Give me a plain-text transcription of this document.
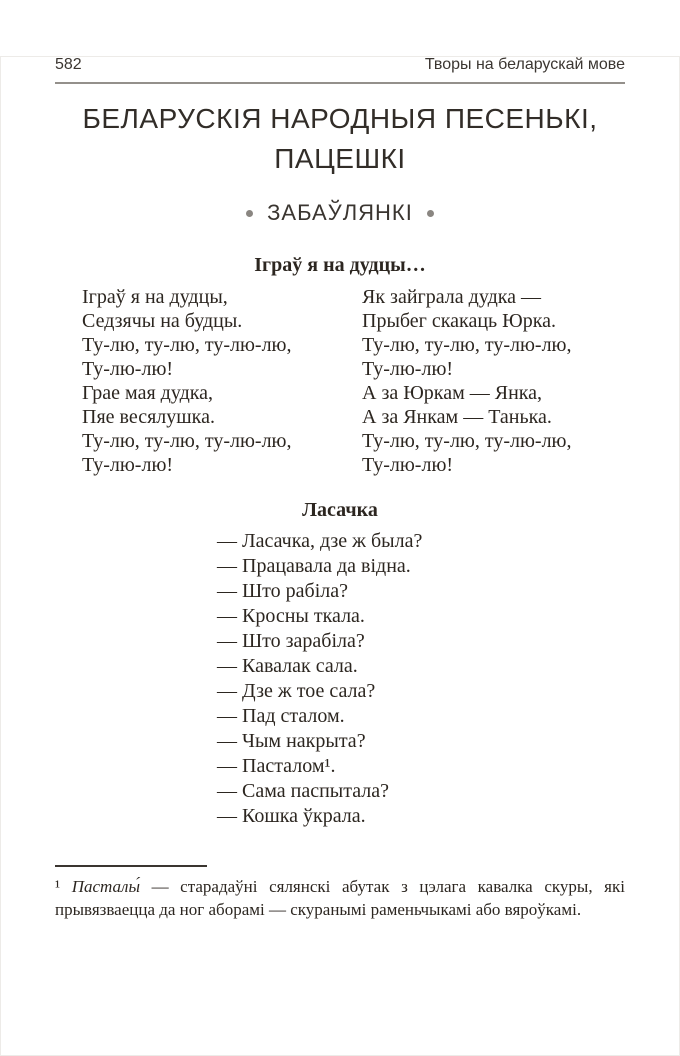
582	Творы на беларускай мове
БЕЛАРУСКІЯ НАРОДНЫЯ ПЕСЕНЬКІ, ПАЦЕШКІ
ЗАБАЎЛЯНКІ
Іграў я на дудцы…
Іграў я на дудцы,
Седзячы на будцы.
Ту-лю, ту-лю, ту-лю-лю,
Ту-лю-лю!
Грае мая дудка,
Пяе весялушка.
Ту-лю, ту-лю, ту-лю-лю,
Ту-лю-лю!
Як зайграла дудка —
Прыбег скакаць Юрка.
Ту-лю, ту-лю, ту-лю-лю,
Ту-лю-лю!
А за Юркам — Янка,
А за Янкам — Танька.
Ту-лю, ту-лю, ту-лю-лю,
Ту-лю-лю!
Ласачка
— Ласачка, дзе ж была?
— Працавала да відна.
— Што рабіла?
— Кросны ткала.
— Што зарабіла?
— Кавалак сала.
— Дзе ж тое сала?
— Пад сталом.
— Чым накрыта?
— Пасталом¹.
— Сама паспытала?
— Кошка ўкрала.

¹ Пасталы́ — старадаўні сялянскі абутак з цэлага кавалка скуры, які прывязваецца да ног аборамі — скуранымі раменьчыкамі або вяроўкамі.
